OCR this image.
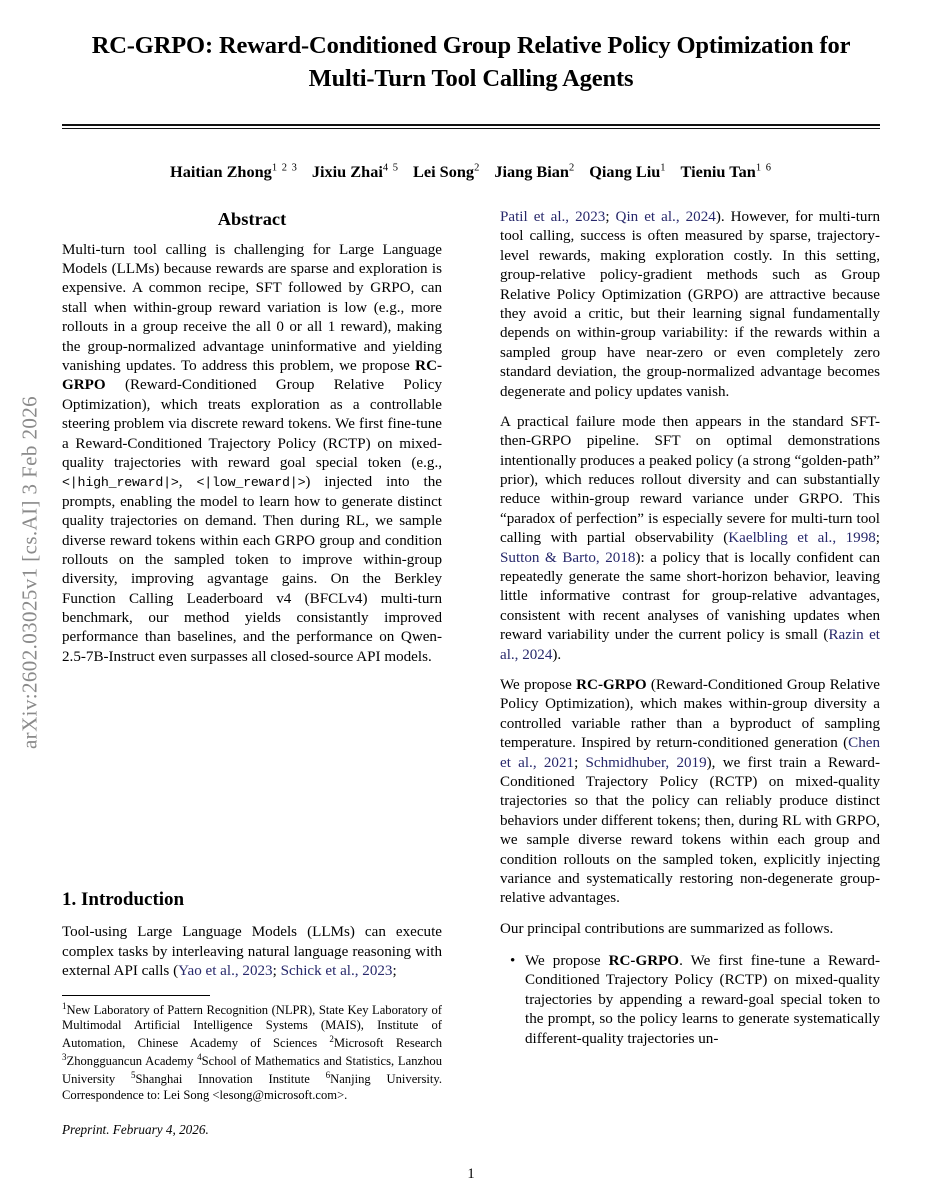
arXiv:2602.03025v1 [cs.AI] 3 Feb 2026
RC-GRPO: Reward-Conditioned Group Relative Policy Optimization for Multi-Turn Tool Calling Agents
Haitian Zhong$^{1 2 3}$ Jixiu Zhai$^{4 5}$ Lei Song$^2$ Jiang Bian$^2$ Qiang Liu$^1$ Tieniu Tan$^{1 6}$
Abstract

Multi-turn tool calling is challenging for Large Language Models (LLMs) because rewards are sparse and exploration is expensive. A common recipe, SFT followed by GRPO, can stall when within-group reward variation is low (e.g., more rollouts in a group receive the all 0 or all 1 reward), making the group-normalized advantage uninformative and yielding vanishing updates. To address this problem, we propose RC-GRPO (Reward-Conditioned Group Relative Policy Optimization), which treats exploration as a controllable steering problem via discrete reward tokens. We first fine-tune a Reward-Conditioned Trajectory Policy (RCTP) on mixed-quality trajectories with reward goal special token (e.g., <|high_reward|>, <|low_reward|>) injected into the prompts, enabling the model to learn how to generate distinct quality trajectories on demand. Then during RL, we sample diverse reward tokens within each GRPO group and condition rollouts on the sampled token to improve within-group diversity, improving agvantage gains. On the Berkley Function Calling Leaderboard v4 (BFCLv4) multi-turn benchmark, our method yields consistantly improved performance than baselines, and the performance on Qwen-2.5-7B-Instruct even surpasses all closed-source API models.

1. Introduction

Tool-using Large Language Models (LLMs) can execute complex tasks by interleaving natural language reasoning with external API calls (Yao et al., 2023; Schick et al., 2023;

$^1$New Laboratory of Pattern Recognition (NLPR), State Key Laboratory of Multimodal Artificial Intelligence Systems (MAIS), Institute of Automation, Chinese Academy of Sciences $^2$Microsoft Research $^3$Zhongguancun Academy $^4$School of Mathematics and Statistics, Lanzhou University $^5$Shanghai Innovation Institute $^6$Nanjing University. Correspondence to: Lei Song <lesong@microsoft.com>.
Preprint. February 4, 2026.

Patil et al., 2023; Qin et al., 2024). However, for multi-turn tool calling, success is often measured by sparse, trajectory-level rewards, making exploration costly. In this setting, group-relative policy-gradient methods such as Group Relative Policy Optimization (GRPO) are attractive because they avoid a critic, but their learning signal fundamentally depends on within-group variability: if the rewards within a sampled group have near-zero or even completely zero standard deviation, the group-normalized advantage becomes degenerate and policy updates vanish.

A practical failure mode then appears in the standard SFT-then-GRPO pipeline. SFT on optimal demonstrations intentionally produces a peaked policy (a strong “golden-path” prior), which reduces rollout diversity and can substantially reduce within-group reward variance under GRPO. This “paradox of perfection” is especially severe for multi-turn tool calling with partial observability (Kaelbling et al., 1998; Sutton & Barto, 2018): a policy that is locally confident can repeatedly generate the same short-horizon behavior, leaving little informative contrast for group-relative advantages, consistent with recent analyses of vanishing updates when reward variability under the current policy is small (Razin et al., 2024).

We propose RC-GRPO (Reward-Conditioned Group Relative Policy Optimization), which makes within-group diversity a controlled variable rather than a byproduct of sampling temperature. Inspired by return-conditioned generation (Chen et al., 2021; Schmidhuber, 2019), we first train a Reward-Conditioned Trajectory Policy (RCTP) on mixed-quality trajectories so that the policy can reliably produce distinct behaviors under different tokens; then, during RL with GRPO, we sample diverse reward tokens within each group and condition rollouts on the sampled token, explicitly injecting variance and systematically restoring non-degenerate group-relative advantages.

Our principal contributions are summarized as follows.

• We propose RC-GRPO. We first fine-tune a Reward-Conditioned Trajectory Policy (RCTP) on mixed-quality trajectories by appending a reward-goal special token to the prompt, so the policy learns to generate systematically different-quality trajectories un-
1
